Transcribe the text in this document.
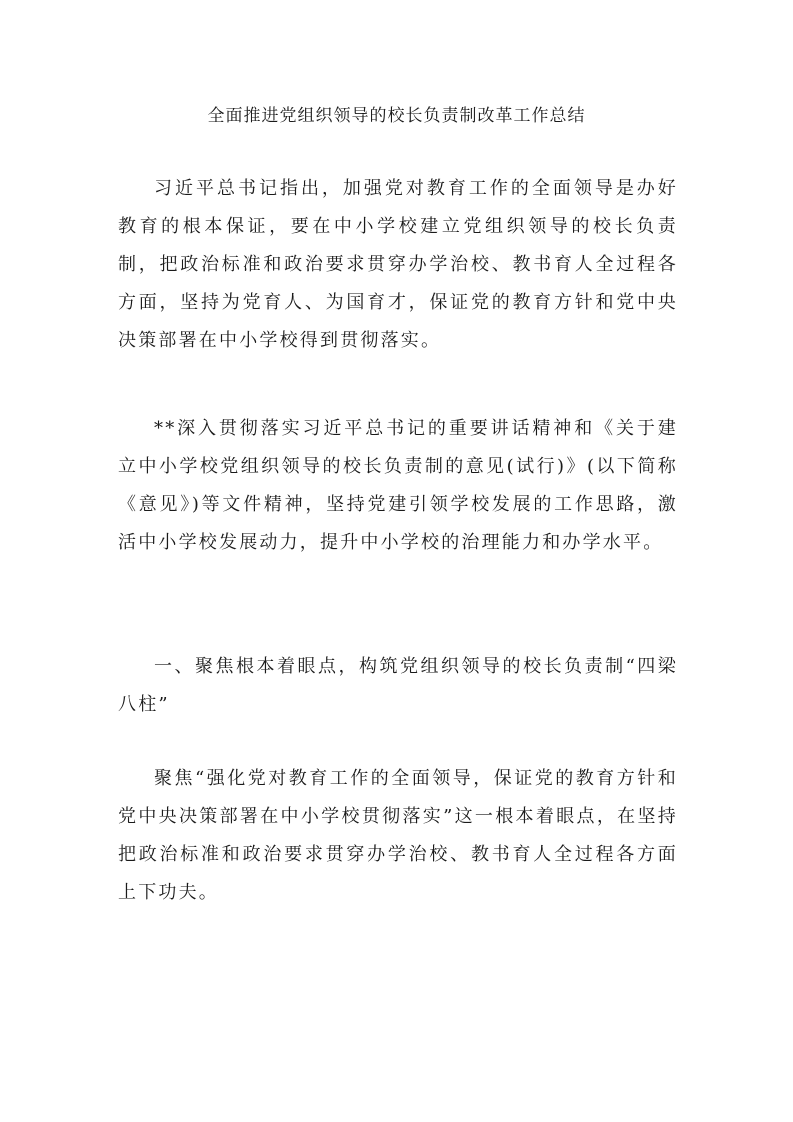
全面推进党组织领导的校长负责制改革工作总结

习近平总书记指出，加强党对教育工作的全面领导是办好教育的根本保证，要在中小学校建立党组织领导的校长负责制，把政治标准和政治要求贯穿办学治校、教书育人全过程各方面，坚持为党育人、为国育才，保证党的教育方针和党中央决策部署在中小学校得到贯彻落实。

**深入贯彻落实习近平总书记的重要讲话精神和《关于建立中小学校党组织领导的校长负责制的意见(试行)》(以下简称《意见》)等文件精神，坚持党建引领学校发展的工作思路，激活中小学校发展动力，提升中小学校的治理能力和办学水平。

一、聚焦根本着眼点，构筑党组织领导的校长负责制“四梁八柱”

聚焦“强化党对教育工作的全面领导，保证党的教育方针和党中央决策部署在中小学校贯彻落实”这一根本着眼点，在坚持把政治标准和政治要求贯穿办学治校、教书育人全过程各方面上下功夫。
